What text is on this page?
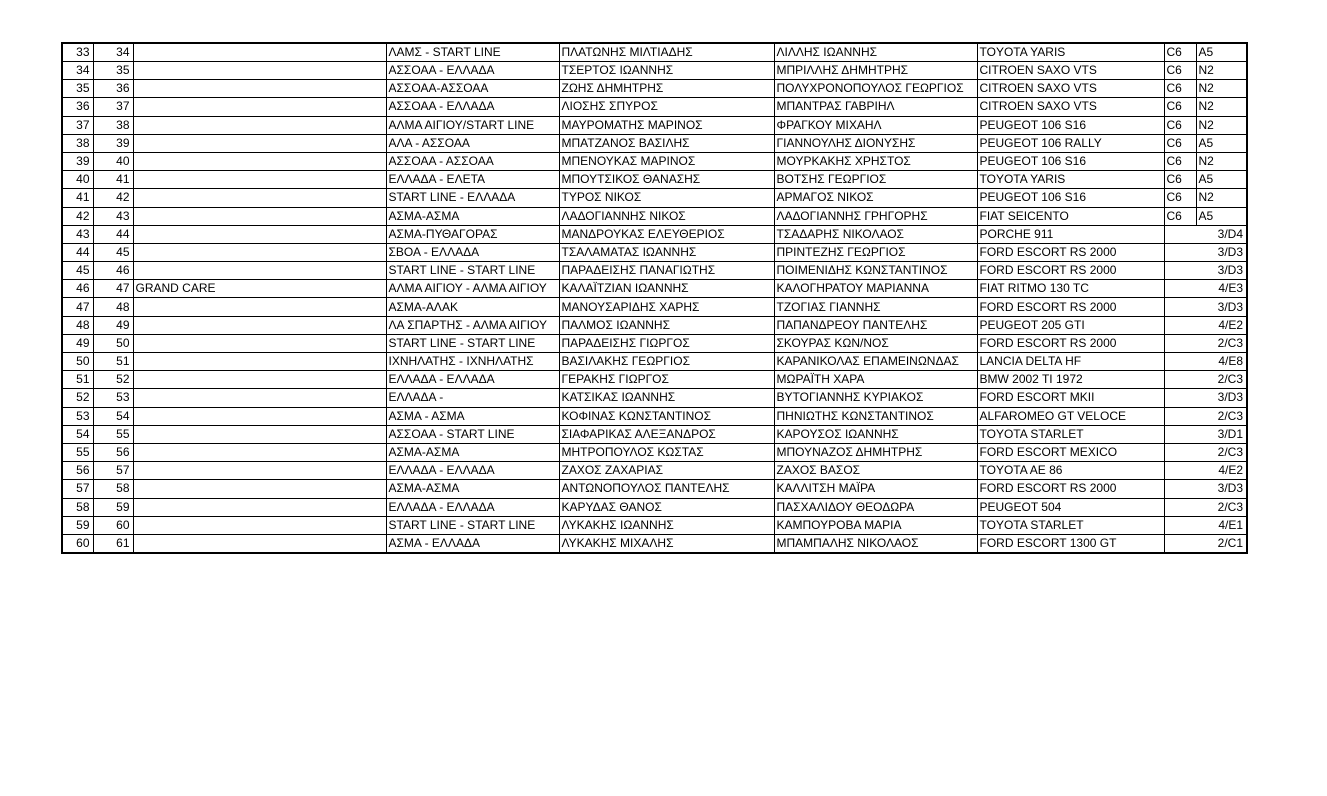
33	34		ΛΑΜΣ - START LINE	ΠΛΑΤΩΝΗΣ ΜΙΛΤΙΑΔΗΣ	ΛΙΛΛΗΣ ΙΩΑΝΝΗΣ	TOYOTA YARIS	C6	A5
34	35		ΑΣΣΟΑΑ - ΕΛΛΑΔΑ	ΤΣΕΡΤΟΣ ΙΩΑΝΝΗΣ	ΜΠΡΙΛΛΗΣ ΔΗΜΗΤΡΗΣ	CITROEN SAXO VTS	C6	N2
35	36		ΑΣΣΟΑΑ-ΑΣΣΟΑΑ	ΖΩΗΣ ΔΗΜΗΤΡΗΣ	ΠΟΛΥΧΡΟΝΟΠΟΥΛΟΣ ΓΕΩΡΓΙΟΣ	CITROEN SAXO VTS	C6	N2
36	37		ΑΣΣΟΑΑ - ΕΛΛΑΔΑ	ΛΙΟΣΗΣ ΣΠΥΡΟΣ	ΜΠΑΝΤΡΑΣ ΓΑΒΡΙΗΛ	CITROEN SAXO VTS	C6	N2
37	38		ΑΛΜΑ ΑΙΓΙΟΥ/START LINE	ΜΑΥΡΟΜΑΤΗΣ ΜΑΡΙΝΟΣ	ΦΡΑΓΚΟΥ ΜΙΧΑΗΛ	PEUGEOT 106 S16	C6	N2
38	39		ΑΛΑ - ΑΣΣΟΑΑ	ΜΠΑΤΖΑΝΟΣ ΒΑΣΙΛΗΣ	ΓΙΑΝΝΟΥΛΗΣ ΔΙΟΝΥΣΗΣ	PEUGEOT 106 RALLY	C6	A5
39	40		ΑΣΣΟΑΑ - ΑΣΣΟΑΑ	ΜΠΕΝΟΥΚΑΣ ΜΑΡΙΝΟΣ	ΜΟΥΡΚΑΚΗΣ ΧΡΗΣΤΟΣ	PEUGEOT 106 S16	C6	N2
40	41		ΕΛΛΑΔΑ - ΕΛΕΤΑ	ΜΠΟΥΤΣΙΚΟΣ ΘΑΝΑΣΗΣ	ΒΟΤΣΗΣ ΓΕΩΡΓΙΟΣ	TOYOTA YARIS	C6	A5
41	42		START LINE - ΕΛΛΑΔΑ	ΤΥΡΟΣ ΝΙΚΟΣ	ΑΡΜΑΓΟΣ ΝΙΚΟΣ	PEUGEOT 106 S16	C6	N2
42	43		ΑΣΜΑ-ΑΣΜΑ	ΛΑΔΟΓΙΑΝΝΗΣ ΝΙΚΟΣ	ΛΑΔΟΓΙΑΝΝΗΣ ΓΡΗΓΟΡΗΣ	FIAT SEICENTO	C6	A5
43	44		ΑΣΜΑ-ΠΥΘΑΓΟΡΑΣ	ΜΑΝΔΡΟΥΚΑΣ ΕΛΕΥΘΕΡΙΟΣ	ΤΣΑΔΑΡΗΣ ΝΙΚΟΛΑΟΣ	PORCHE 911	3/D4	
44	45		ΣΒΟΑ - ΕΛΛΑΔΑ	ΤΣΑΛΑΜΑΤΑΣ ΙΩΑΝΝΗΣ	ΠΡΙΝΤΕΖΗΣ ΓΕΩΡΓΙΟΣ	FORD ESCORT RS 2000	3/D3	
45	46		START LINE - START LINE	ΠΑΡΑΔΕΙΣΗΣ ΠΑΝΑΓΙΩΤΗΣ	ΠΟΙΜΕΝΙΔΗΣ ΚΩΝΣΤΑΝΤΙΝΟΣ	FORD ESCORT RS 2000	3/D3	
46	47	GRAND CARE	ΑΛΜΑ ΑΙΓΙΟΥ - ΑΛΜΑ ΑΙΓΙΟΥ	ΚΑΛΑΪΤΖΙΑΝ ΙΩΑΝΝΗΣ	ΚΑΛΟΓΗΡΑΤΟΥ ΜΑΡΙΑΝΝΑ	FIAT RITMO 130 TC	4/E3	
47	48		ΑΣΜΑ-ΑΛΑΚ	ΜΑΝΟΥΣΑΡΙΔΗΣ ΧΑΡΗΣ	ΤΖΟΓΙΑΣ ΓΙΑΝΝΗΣ	FORD ESCORT RS 2000	3/D3	
48	49		ΛΑ ΣΠΑΡΤΗΣ - ΑΛΜΑ ΑΙΓΙΟΥ	ΠΑΛΜΟΣ ΙΩΑΝΝΗΣ	ΠΑΠΑΝΔΡΕΟΥ ΠΑΝΤΕΛΗΣ	PEUGEOT 205 GTI	4/E2	
49	50		START LINE - START LINE	ΠΑΡΑΔΕΙΣΗΣ ΓΙΩΡΓΟΣ	ΣΚΟΥΡΑΣ ΚΩΝ/ΝΟΣ	FORD ESCORT RS 2000	2/C3	
50	51		ΙΧΝΗΛΑΤΗΣ - ΙΧΝΗΛΑΤΗΣ	ΒΑΣΙΛΑΚΗΣ ΓΕΩΡΓΙΟΣ	ΚΑΡΑΝΙΚΟΛΑΣ ΕΠΑΜΕΙΝΩΝΔΑΣ	LANCIA DELTA HF	4/E8	
51	52		ΕΛΛΑΔΑ - ΕΛΛΑΔΑ	ΓΕΡΑΚΗΣ ΓΙΩΡΓΟΣ	ΜΩΡΑΪΤΗ ΧΑΡΑ	BMW 2002 TI 1972	2/C3	
52	53		ΕΛΛΑΔΑ -	ΚΑΤΣΙΚΑΣ ΙΩΑΝΝΗΣ	ΒΥΤΟΓΙΑΝΝΗΣ ΚΥΡΙΑΚΟΣ	FORD ESCORT MKII	3/D3	
53	54		ΑΣΜΑ - ΑΣΜΑ	ΚΟΦΙΝΑΣ ΚΩΝΣΤΑΝΤΙΝΟΣ	ΠΗΝΙΩΤΗΣ ΚΩΝΣΤΑΝΤΙΝΟΣ	ALFAROMEO GT VELOCE	2/C3	
54	55		ΑΣΣΟΑΑ - START LINE	ΣΙΑΦΑΡΙΚΑΣ ΑΛΕΞΑΝΔΡΟΣ	ΚΑΡΟΥΣΟΣ ΙΩΑΝΝΗΣ	TOYOTA STARLET	3/D1	
55	56		ΑΣΜΑ-ΑΣΜΑ	ΜΗΤΡΟΠΟΥΛΟΣ ΚΩΣΤΑΣ	ΜΠΟΥΝΑΖΟΣ ΔΗΜΗΤΡΗΣ	FORD ESCORT MEXICO	2/C3	
56	57		ΕΛΛΑΔΑ - ΕΛΛΑΔΑ	ΖΑΧΟΣ ΖΑΧΑΡΙΑΣ	ΖΑΧΟΣ ΒΑΣΟΣ	TOYOTA AE 86	4/E2	
57	58		ΑΣΜΑ-ΑΣΜΑ	ΑΝΤΩΝΟΠΟΥΛΟΣ ΠΑΝΤΕΛΗΣ	ΚΑΛΛΙΤΣΗ ΜΑΪΡΑ	FORD ESCORT RS 2000	3/D3	
58	59		ΕΛΛΑΔΑ - ΕΛΛΑΔΑ	ΚΑΡΥΔΑΣ ΘΑΝΟΣ	ΠΑΣΧΑΛΙΔΟΥ ΘΕΟΔΩΡΑ	PEUGEOT 504	2/C3	
59	60		START LINE - START LINE	ΛΥΚΑΚΗΣ ΙΩΑΝΝΗΣ	ΚΑΜΠΟΥΡΟΒΑ ΜΑΡΙΑ	TOYOTA STARLET	4/E1	
60	61		ΑΣΜΑ - ΕΛΛΑΔΑ	ΛΥΚΑΚΗΣ ΜΙΧΑΛΗΣ	ΜΠΑΜΠΑΛΗΣ ΝΙΚΟΛΑΟΣ	FORD ESCORT 1300 GT	2/C1	
